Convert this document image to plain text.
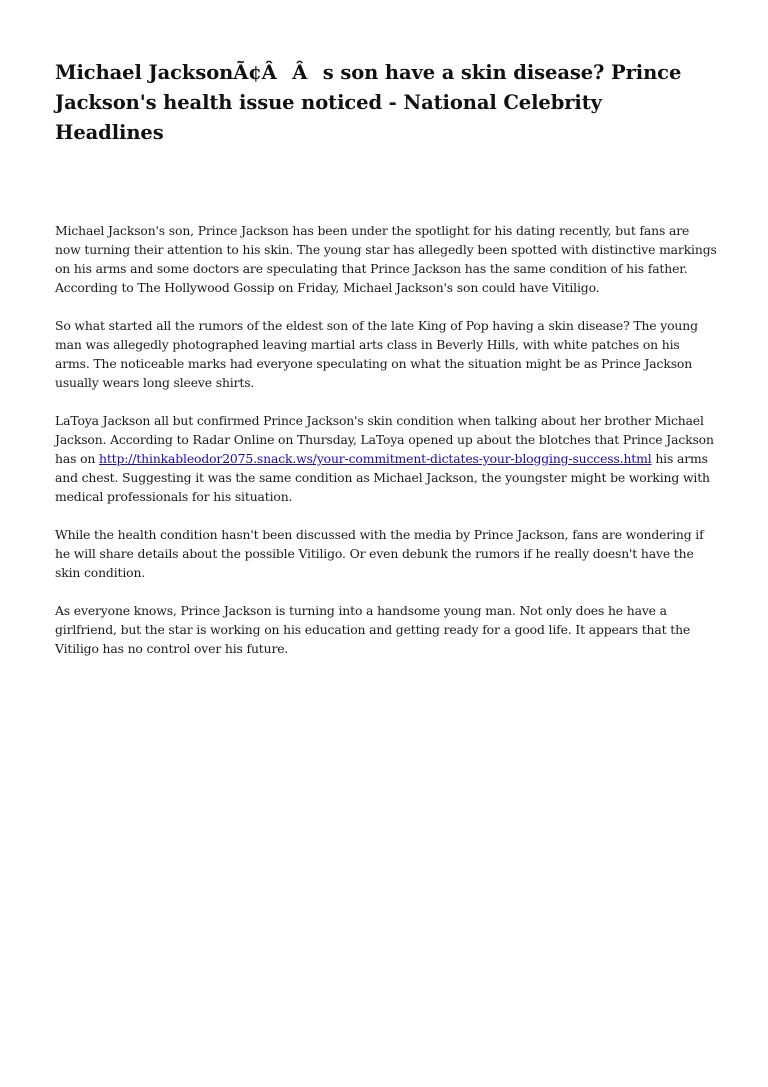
Michael JacksonÃ¢ÂÂs son have a skin disease? Prince Jackson's health issue noticed - National Celebrity Headlines

Michael Jackson's son, Prince Jackson has been under the spotlight for his dating recently, but fans are now turning their attention to his skin. The young star has allegedly been spotted with distinctive markings on his arms and some doctors are speculating that Prince Jackson has the same condition of his father. According to The Hollywood Gossip on Friday, Michael Jackson's son could have Vitiligo.

So what started all the rumors of the eldest son of the late King of Pop having a skin disease? The young man was allegedly photographed leaving martial arts class in Beverly Hills, with white patches on his arms. The noticeable marks had everyone speculating on what the situation might be as Prince Jackson usually wears long sleeve shirts.

LaToya Jackson all but confirmed Prince Jackson's skin condition when talking about her brother Michael Jackson. According to Radar Online on Thursday, LaToya opened up about the blotches that Prince Jackson has on http://thinkableodor2075.snack.ws/your-commitment-dictates-your-blogging-success.html his arms and chest. Suggesting it was the same condition as Michael Jackson, the youngster might be working with medical professionals for his situation.

While the health condition hasn't been discussed with the media by Prince Jackson, fans are wondering if he will share details about the possible Vitiligo. Or even debunk the rumors if he really doesn't have the skin condition.

As everyone knows, Prince Jackson is turning into a handsome young man. Not only does he have a girlfriend, but the star is working on his education and getting ready for a good life. It appears that the Vitiligo has no control over his future.
